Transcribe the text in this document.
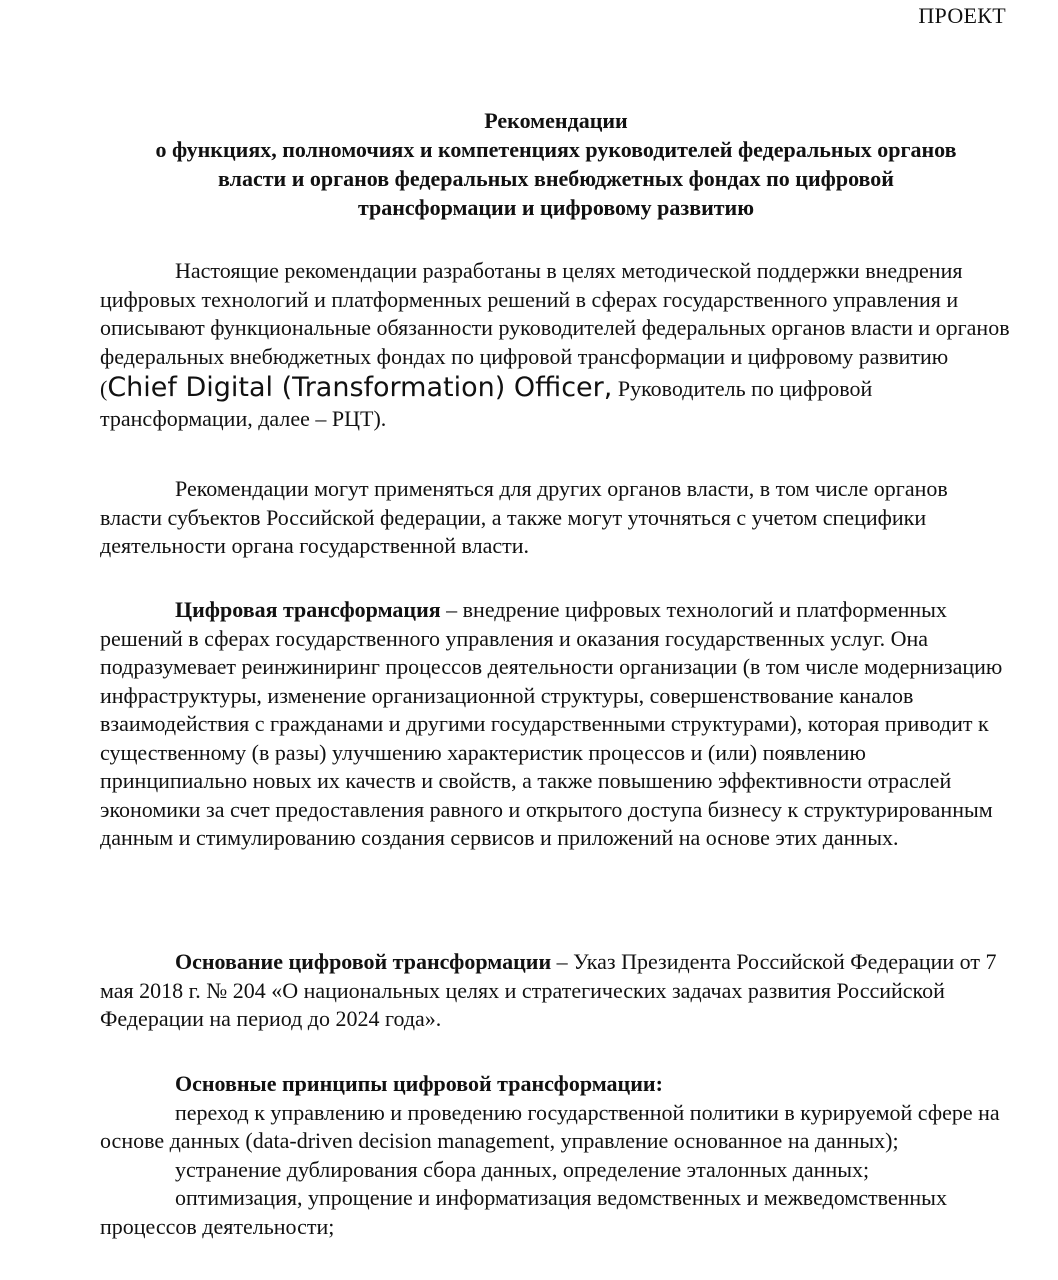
ПРОЕКТ
Рекомендации
о функциях, полномочиях и компетенциях руководителей федеральных органов
власти и органов федеральных внебюджетных фондах по цифровой
трансформации и цифровому развитию

Настоящие рекомендации разработаны в целях методической поддержки внедрения цифровых технологий и платформенных решений в сферах государственного управления и описывают функциональные обязанности руководителей федеральных органов власти и органов федеральных внебюджетных фондах по цифровой трансформации и цифровому развитию (Chief Digital (Transformation) Officer, Руководитель по цифровой трансформации, далее – РЦТ).

Рекомендации могут применяться для других органов власти, в том числе органов власти субъектов Российской федерации, а также могут уточняться с учетом специфики деятельности органа государственной власти.

Цифровая трансформация – внедрение цифровых технологий и платформенных решений в сферах государственного управления и оказания государственных услуг. Она подразумевает реинжиниринг процессов деятельности организации (в том числе модернизацию инфраструктуры, изменение организационной структуры, совершенствование каналов взаимодействия с гражданами и другими государственными структурами), которая приводит к существенному (в разы) улучшению характеристик процессов и (или) появлению принципиально новых их качеств и свойств, а также повышению эффективности отраслей экономики за счет предоставления равного и открытого доступа бизнесу к структурированным данным и стимулированию создания сервисов и приложений на основе этих данных.

Основание цифровой трансформации – Указ Президента Российской Федерации от 7 мая 2018 г. № 204 «О национальных целях и стратегических задачах развития Российской Федерации на период до 2024 года».

Основные принципы цифровой трансформации:

переход к управлению и проведению государственной политики в курируемой сфере на основе данных (data-driven decision management, управление основанное на данных);

устранение дублирования сбора данных, определение эталонных данных;

оптимизация, упрощение и информатизация ведомственных и межведомственных процессов деятельности;
